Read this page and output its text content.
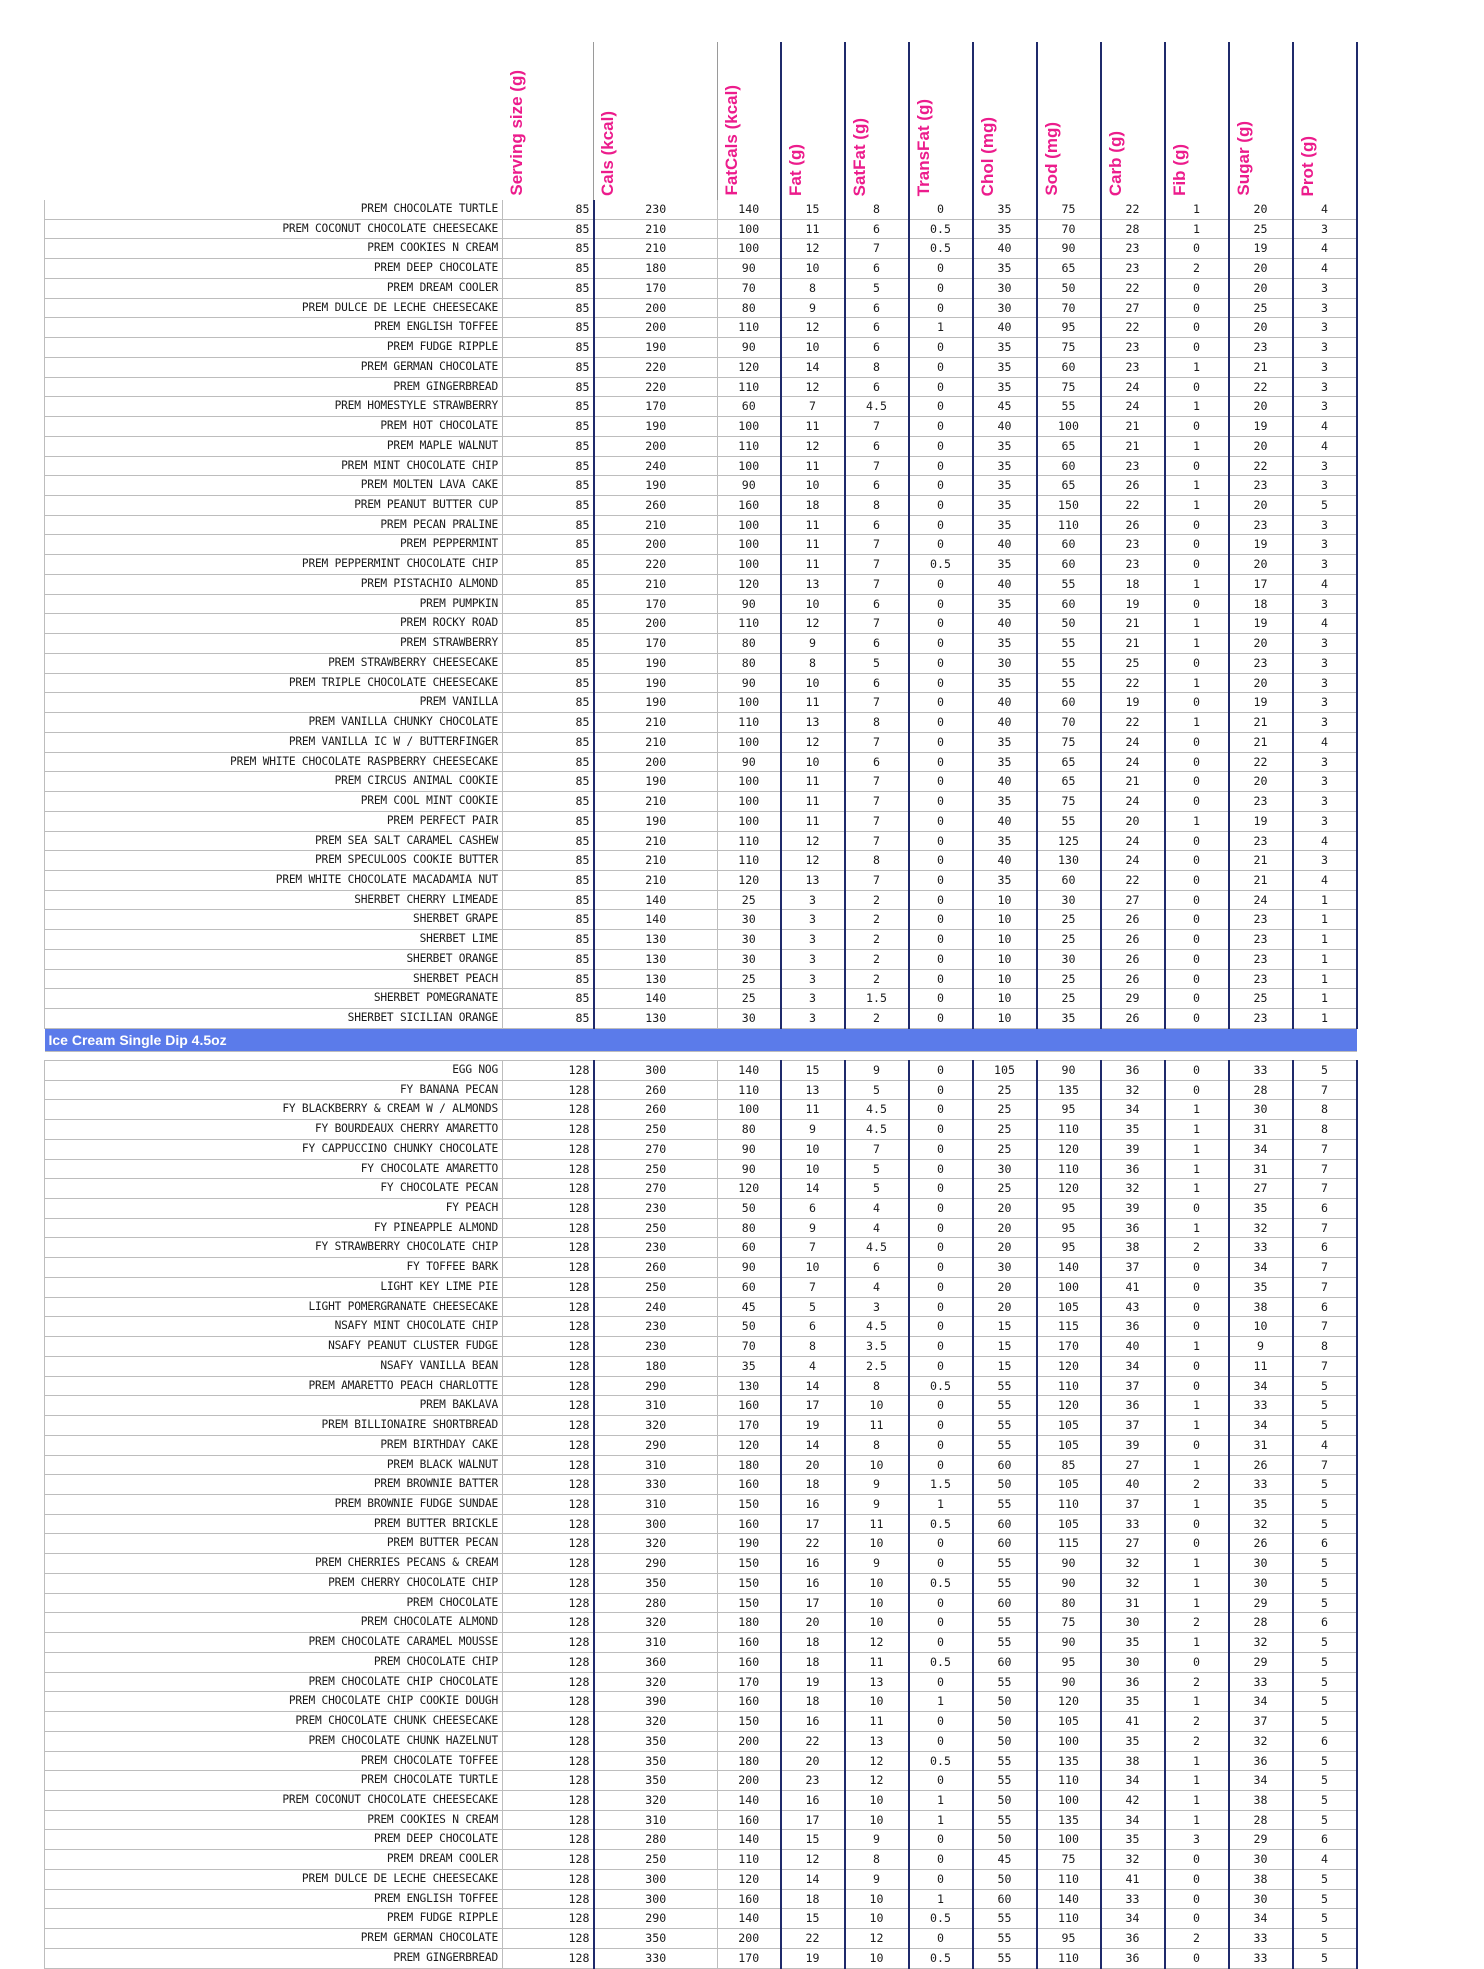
	Serving size (g)	Cals (kcal)	FatCals (kcal)	Fat (g)	SatFat (g)	TransFat (g)	Chol (mg)	Sod (mg)	Carb (g)	Fib (g)	Sugar (g)	Prot (g)

PREM CHOCOLATE TURTLE	85	230	140	15	8	0	35	75	22	1	20	4
PREM COCONUT CHOCOLATE CHEESECAKE	85	210	100	11	6	0.5	35	70	28	1	25	3
PREM COOKIES N CREAM	85	210	100	12	7	0.5	40	90	23	0	19	4
PREM DEEP CHOCOLATE	85	180	90	10	6	0	35	65	23	2	20	4
PREM DREAM COOLER	85	170	70	8	5	0	30	50	22	0	20	3
PREM DULCE DE LECHE CHEESECAKE	85	200	80	9	6	0	30	70	27	0	25	3
PREM ENGLISH TOFFEE	85	200	110	12	6	1	40	95	22	0	20	3
PREM FUDGE RIPPLE	85	190	90	10	6	0	35	75	23	0	23	3
PREM GERMAN CHOCOLATE	85	220	120	14	8	0	35	60	23	1	21	3
PREM GINGERBREAD	85	220	110	12	6	0	35	75	24	0	22	3
PREM HOMESTYLE STRAWBERRY	85	170	60	7	4.5	0	45	55	24	1	20	3
PREM HOT CHOCOLATE	85	190	100	11	7	0	40	100	21	0	19	4
PREM MAPLE WALNUT	85	200	110	12	6	0	35	65	21	1	20	4
PREM MINT CHOCOLATE CHIP	85	240	100	11	7	0	35	60	23	0	22	3
PREM MOLTEN LAVA CAKE	85	190	90	10	6	0	35	65	26	1	23	3
PREM PEANUT BUTTER CUP	85	260	160	18	8	0	35	150	22	1	20	5
PREM PECAN PRALINE	85	210	100	11	6	0	35	110	26	0	23	3
PREM PEPPERMINT	85	200	100	11	7	0	40	60	23	0	19	3
PREM PEPPERMINT CHOCOLATE CHIP	85	220	100	11	7	0.5	35	60	23	0	20	3
PREM PISTACHIO ALMOND	85	210	120	13	7	0	40	55	18	1	17	4
PREM PUMPKIN	85	170	90	10	6	0	35	60	19	0	18	3
PREM ROCKY ROAD	85	200	110	12	7	0	40	50	21	1	19	4
PREM STRAWBERRY	85	170	80	9	6	0	35	55	21	1	20	3
PREM STRAWBERRY CHEESECAKE	85	190	80	8	5	0	30	55	25	0	23	3
PREM TRIPLE CHOCOLATE CHEESECAKE	85	190	90	10	6	0	35	55	22	1	20	3
PREM VANILLA	85	190	100	11	7	0	40	60	19	0	19	3
PREM VANILLA CHUNKY CHOCOLATE	85	210	110	13	8	0	40	70	22	1	21	3
PREM VANILLA IC W / BUTTERFINGER	85	210	100	12	7	0	35	75	24	0	21	4
PREM WHITE CHOCOLATE RASPBERRY CHEESECAKE	85	200	90	10	6	0	35	65	24	0	22	3
PREM CIRCUS ANIMAL COOKIE	85	190	100	11	7	0	40	65	21	0	20	3
PREM COOL MINT COOKIE	85	210	100	11	7	0	35	75	24	0	23	3
PREM PERFECT PAIR	85	190	100	11	7	0	40	55	20	1	19	3
PREM SEA SALT CARAMEL CASHEW	85	210	110	12	7	0	35	125	24	0	23	4
PREM SPECULOOS COOKIE BUTTER	85	210	110	12	8	0	40	130	24	0	21	3
PREM WHITE CHOCOLATE MACADAMIA NUT	85	210	120	13	7	0	35	60	22	0	21	4
SHERBET CHERRY LIMEADE	85	140	25	3	2	0	10	30	27	0	24	1
SHERBET GRAPE	85	140	30	3	2	0	10	25	26	0	23	1
SHERBET LIME	85	130	30	3	2	0	10	25	26	0	23	1
SHERBET ORANGE	85	130	30	3	2	0	10	30	26	0	23	1
SHERBET PEACH	85	130	25	3	2	0	10	25	26	0	23	1
SHERBET POMEGRANATE	85	140	25	3	1.5	0	10	25	29	0	25	1
SHERBET SICILIAN ORANGE	85	130	30	3	2	0	10	35	26	0	23	1
Ice Cream Single Dip 4.5oz												

EGG NOG	128	300	140	15	9	0	105	90	36	0	33	5
FY BANANA PECAN	128	260	110	13	5	0	25	135	32	0	28	7
FY BLACKBERRY & CREAM W / ALMONDS	128	260	100	11	4.5	0	25	95	34	1	30	8
FY BOURDEAUX CHERRY AMARETTO	128	250	80	9	4.5	0	25	110	35	1	31	8
FY CAPPUCCINO CHUNKY CHOCOLATE	128	270	90	10	7	0	25	120	39	1	34	7
FY CHOCOLATE AMARETTO	128	250	90	10	5	0	30	110	36	1	31	7
FY CHOCOLATE PECAN	128	270	120	14	5	0	25	120	32	1	27	7
FY PEACH	128	230	50	6	4	0	20	95	39	0	35	6
FY PINEAPPLE ALMOND	128	250	80	9	4	0	20	95	36	1	32	7
FY STRAWBERRY CHOCOLATE CHIP	128	230	60	7	4.5	0	20	95	38	2	33	6
FY TOFFEE BARK	128	260	90	10	6	0	30	140	37	0	34	7
LIGHT KEY LIME PIE	128	250	60	7	4	0	20	100	41	0	35	7
LIGHT POMERGRANATE CHEESECAKE	128	240	45	5	3	0	20	105	43	0	38	6
NSAFY MINT CHOCOLATE CHIP	128	230	50	6	4.5	0	15	115	36	0	10	7
NSAFY PEANUT CLUSTER FUDGE	128	230	70	8	3.5	0	15	170	40	1	9	8
NSAFY VANILLA BEAN	128	180	35	4	2.5	0	15	120	34	0	11	7
PREM AMARETTO PEACH CHARLOTTE	128	290	130	14	8	0.5	55	110	37	0	34	5
PREM BAKLAVA	128	310	160	17	10	0	55	120	36	1	33	5
PREM BILLIONAIRE SHORTBREAD	128	320	170	19	11	0	55	105	37	1	34	5
PREM BIRTHDAY CAKE	128	290	120	14	8	0	55	105	39	0	31	4
PREM BLACK WALNUT	128	310	180	20	10	0	60	85	27	1	26	7
PREM BROWNIE BATTER	128	330	160	18	9	1.5	50	105	40	2	33	5
PREM BROWNIE FUDGE SUNDAE	128	310	150	16	9	1	55	110	37	1	35	5
PREM BUTTER BRICKLE	128	300	160	17	11	0.5	60	105	33	0	32	5
PREM BUTTER PECAN	128	320	190	22	10	0	60	115	27	0	26	6
PREM CHERRIES PECANS & CREAM	128	290	150	16	9	0	55	90	32	1	30	5
PREM CHERRY CHOCOLATE CHIP	128	350	150	16	10	0.5	55	90	32	1	30	5
PREM CHOCOLATE	128	280	150	17	10	0	60	80	31	1	29	5
PREM CHOCOLATE ALMOND	128	320	180	20	10	0	55	75	30	2	28	6
PREM CHOCOLATE CARAMEL MOUSSE	128	310	160	18	12	0	55	90	35	1	32	5
PREM CHOCOLATE CHIP	128	360	160	18	11	0.5	60	95	30	0	29	5
PREM CHOCOLATE CHIP CHOCOLATE	128	320	170	19	13	0	55	90	36	2	33	5
PREM CHOCOLATE CHIP COOKIE DOUGH	128	390	160	18	10	1	50	120	35	1	34	5
PREM CHOCOLATE CHUNK CHEESECAKE	128	320	150	16	11	0	50	105	41	2	37	5
PREM CHOCOLATE CHUNK HAZELNUT	128	350	200	22	13	0	50	100	35	2	32	6
PREM CHOCOLATE TOFFEE	128	350	180	20	12	0.5	55	135	38	1	36	5
PREM CHOCOLATE TURTLE	128	350	200	23	12	0	55	110	34	1	34	5
PREM COCONUT CHOCOLATE CHEESECAKE	128	320	140	16	10	1	50	100	42	1	38	5
PREM COOKIES N CREAM	128	310	160	17	10	1	55	135	34	1	28	5
PREM DEEP CHOCOLATE	128	280	140	15	9	0	50	100	35	3	29	6
PREM DREAM COOLER	128	250	110	12	8	0	45	75	32	0	30	4
PREM DULCE DE LECHE CHEESECAKE	128	300	120	14	9	0	50	110	41	0	38	5
PREM ENGLISH TOFFEE	128	300	160	18	10	1	60	140	33	0	30	5
PREM FUDGE RIPPLE	128	290	140	15	10	0.5	55	110	34	0	34	5
PREM GERMAN CHOCOLATE	128	350	200	22	12	0	55	95	36	2	33	5
PREM GINGERBREAD	128	330	170	19	10	0.5	55	110	36	0	33	5
